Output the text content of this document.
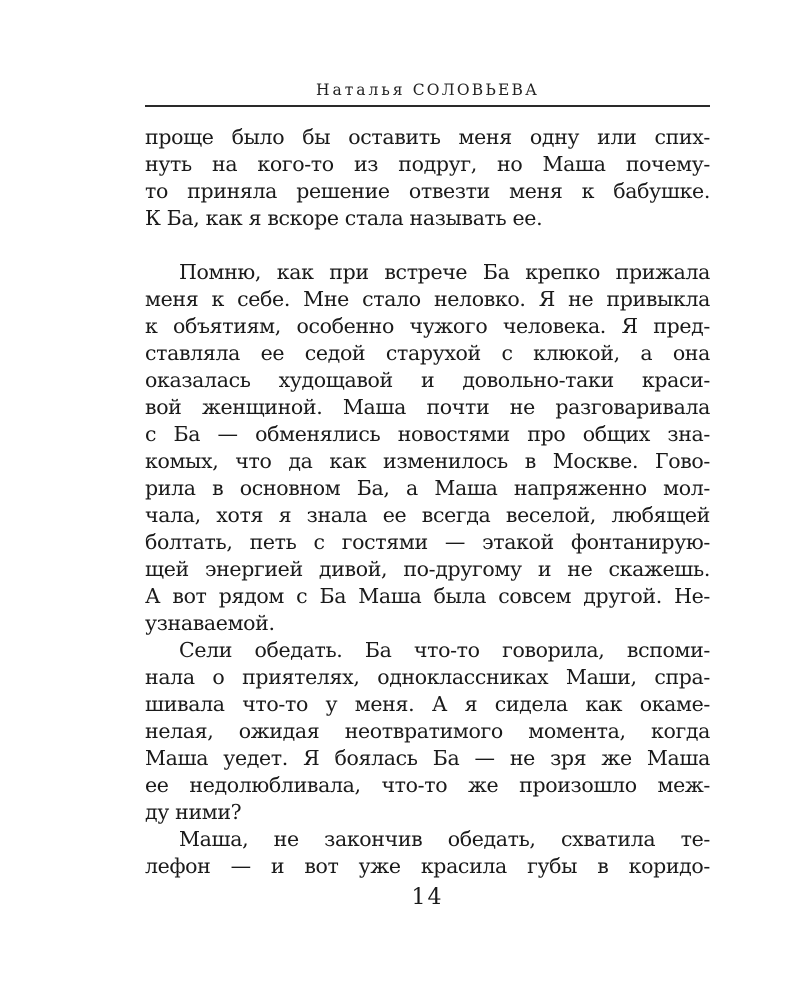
Наталья СОЛОВЬЕВА
проще было бы оставить меня одну или спих-
нуть на кого-то из подруг, но Маша почему-
то приняла решение отвезти меня к бабушке.
К Ба, как я вскоре стала называть ее.
Помню, как при встрече Ба крепко прижала
меня к себе. Мне стало неловко. Я не привыкла
к объятиям, особенно чужого человека. Я пред-
ставляла ее седой старухой с клюкой, а она
оказалась худощавой и довольно-таки краси-
вой женщиной. Маша почти не разговаривала
с Ба — обменялись новостями про общих зна-
комых, что да как изменилось в Москве. Гово-
рила в основном Ба, а Маша напряженно мол-
чала, хотя я знала ее всегда веселой, любящей
болтать, петь с гостями — этакой фонтанирую-
щей энергией дивой, по-другому и не скажешь.
А вот рядом с Ба Маша была совсем другой. Не-
узнаваемой.
Сели обедать. Ба что-то говорила, вспоми-
нала о приятелях, одноклассниках Маши, спра-
шивала что-то у меня. А я сидела как окаме-
нелая, ожидая неотвратимого момента, когда
Маша уедет. Я боялась Ба — не зря же Маша
ее недолюбливала, что-то же произошло меж-
ду ними?
Маша, не закончив обедать, схватила те-
лефон — и вот уже красила губы в коридо-
14
